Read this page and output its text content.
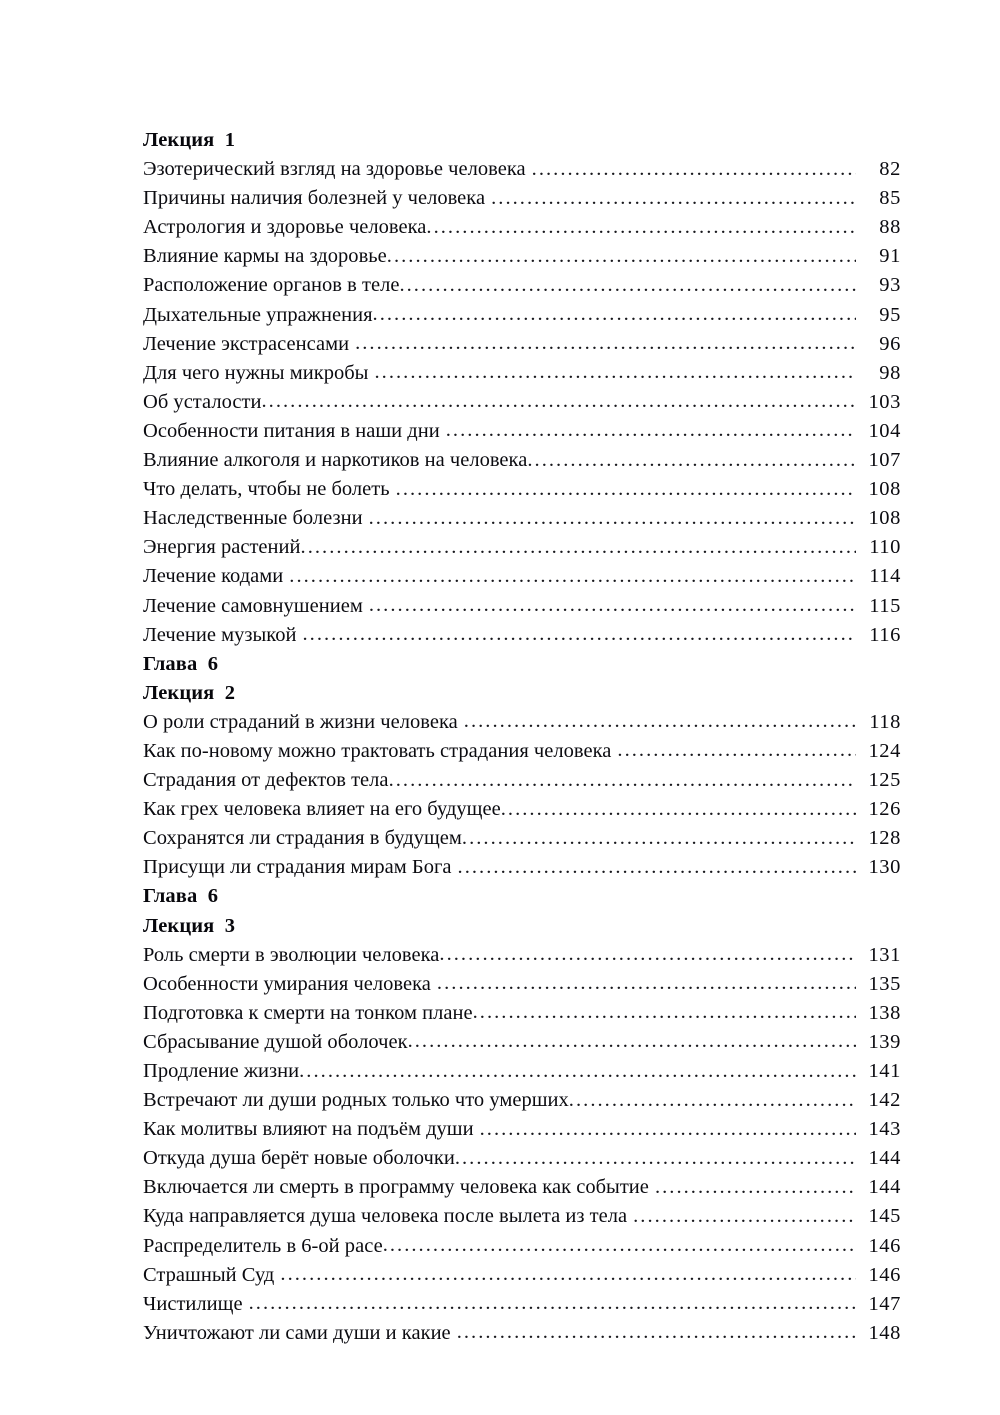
Лекция  1
Эзотерический взгляд на здоровье человека .....	82
Причины наличия болезней у человека .....	85
Астрология и здоровье человека .....	88
Влияние кармы на здоровье .....	91
Расположение органов в теле .....	93
Дыхательные упражнения .....	95
Лечение экстрасенсами .....	96
Для чего нужны микробы .....	98
Об усталости .....	103
Особенности питания в наши дни .....	104
Влияние алкоголя и наркотиков на человека .....	107
Что делать, чтобы не болеть .....	108
Наследственные болезни .....	108
Энергия растений .....	110
Лечение кодами .....	114
Лечение самовнушением .....	115
Лечение музыкой .....	116
Глава  6
Лекция  2
О роли страданий в жизни человека .....	118
Как по-новому можно трактовать страдания человека .....	124
Страдания от дефектов тела .....	125
Как грех человека влияет на его будущее .....	126
Сохранятся ли страдания в будущем .....	128
Присущи ли страдания мирам Бога .....	130
Глава  6
Лекция  3
Роль смерти в эволюции человека .....	131
Особенности умирания человека .....	135
Подготовка к смерти на тонком плане .....	138
Сбрасывание душой оболочек .....	139
Продление жизни .....	141
Встречают ли души родных только что умерших .....	142
Как молитвы влияют на подъём души .....	143
Откуда душа берёт новые оболочки .....	144
Включается ли смерть в программу человека как событие .....	144
Куда направляется душа человека после вылета из тела .....	145
Распределитель в 6-ой расе .....	146
Страшный Суд .....	146
Чистилище .....	147
Уничтожают ли сами души и какие .....	148
